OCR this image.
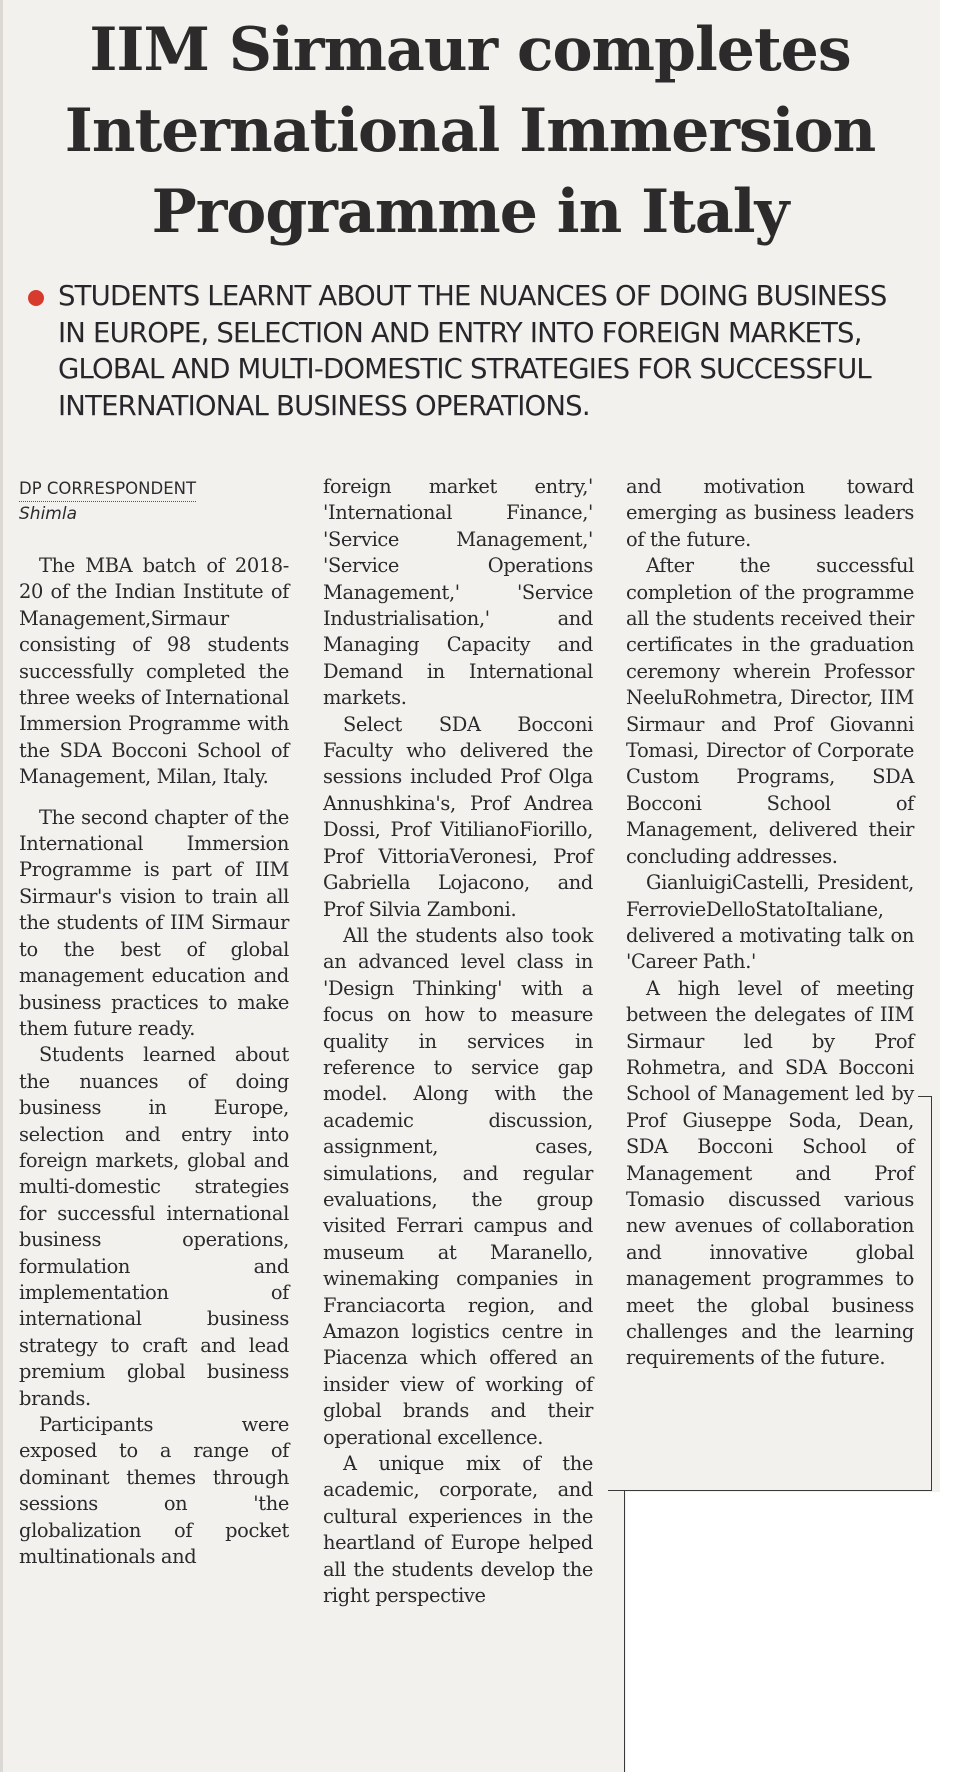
IIM Sirmaur completes
International Immersion
Programme in Italy
STUDENTS LEARNT ABOUT THE NUANCES OF DOING BUSINESS
IN EUROPE, SELECTION AND ENTRY INTO FOREIGN MARKETS,
GLOBAL AND MULTI-DOMESTIC STRATEGIES FOR SUCCESSFUL
INTERNATIONAL BUSINESS OPERATIONS.
DP CORRESPONDENT
Shimla

The MBA batch of 2018-20 of the Indian Institute of Management,Sirmaur consisting of 98 students successfully completed the three weeks of International Immersion Programme with the SDA Bocconi School of Management, Milan, Italy.

The second chapter of the International Immersion Programme is part of IIM Sirmaur's vision to train all the students of IIM Sirmaur to the best of global management education and business practices to make them future ready.

Students learned about the nuances of doing business in Europe, selection and entry into foreign markets, global and multi-domestic strategies for successful international business operations, formulation and implementation of international business strategy to craft and lead premium global business brands.

Participants were exposed to a range of dominant themes through sessions on 'the globalization of pocket multinationals and

foreign market entry,' 'International Finance,' 'Service Management,' 'Service Operations Management,' 'Service Industrialisation,' and Managing Capacity and Demand in International markets.

Select SDA Bocconi Faculty who delivered the sessions included Prof Olga Annushkina's, Prof Andrea Dossi, Prof VitilianoFiorillo, Prof VittoriaVeronesi, Prof Gabriella Lojacono, and Prof Silvia Zamboni.

All the students also took an advanced level class in 'Design Thinking' with a focus on how to measure quality in services in reference to service gap model. Along with the academic discussion, assignment, cases, simulations, and regular evaluations, the group visited Ferrari campus and museum at Maranello, winemaking companies in Franciacorta region, and Amazon logistics centre in Piacenza which offered an insider view of working of global brands and their operational excellence.

A unique mix of the academic, corporate, and cultural experiences in the heartland of Europe helped all the students develop the right perspective

and motivation toward emerging as business leaders of the future.

After the successful completion of the programme all the students received their certificates in the graduation ceremony wherein Professor NeeluRohmetra, Director, IIM Sirmaur and Prof Giovanni Tomasi, Director of Corporate Custom Programs, SDA Bocconi School of Management, delivered their concluding addresses.

GianluigiCastelli, President, FerrovieDelloStatoItaliane, delivered a motivating talk on 'Career Path.'

A high level of meeting between the delegates of IIM Sirmaur led by Prof Rohmetra, and SDA Bocconi School of Management led by Prof Giuseppe Soda, Dean, SDA Bocconi School of Management and Prof Tomasio discussed various new avenues of collaboration and innovative global management programmes to meet the global business challenges and the learning requirements of the future.
